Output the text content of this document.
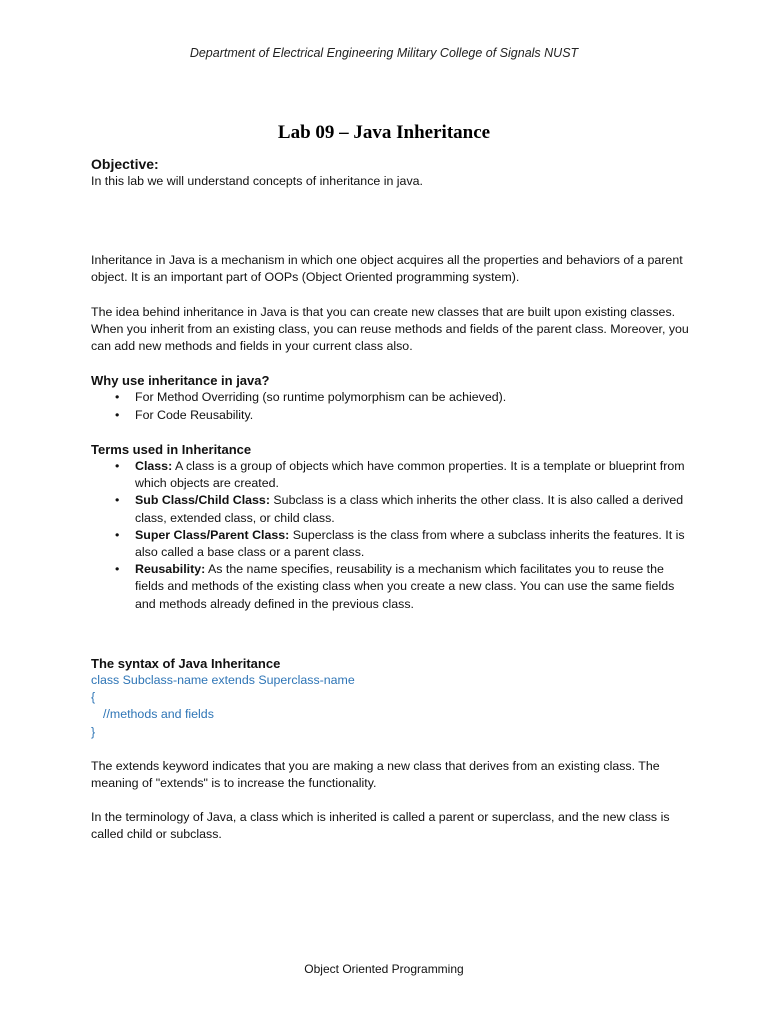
Department of Electrical Engineering Military College of Signals NUST
Lab 09 – Java Inheritance

Objective:

In this lab we will understand concepts of inheritance in java.

Inheritance in Java is a mechanism in which one object acquires all the properties and behaviors of a parent object. It is an important part of OOPs (Object Oriented programming system).

The idea behind inheritance in Java is that you can create new classes that are built upon existing classes. When you inherit from an existing class, you can reuse methods and fields of the parent class. Moreover, you can add new methods and fields in your current class also.

Why use inheritance in java?

• For Method Overriding (so runtime polymorphism can be achieved).
• For Code Reusability.

Terms used in Inheritance

• Class: A class is a group of objects which have common properties. It is a template or blueprint from which objects are created.
• Sub Class/Child Class: Subclass is a class which inherits the other class. It is also called a derived class, extended class, or child class.
• Super Class/Parent Class: Superclass is the class from where a subclass inherits the features. It is also called a base class or a parent class.
• Reusability: As the name specifies, reusability is a mechanism which facilitates you to reuse the fields and methods of the existing class when you create a new class. You can use the same fields and methods already defined in the previous class.

The syntax of Java Inheritance

class Subclass-name extends Superclass-name
{
//methods and fields
}

The extends keyword indicates that you are making a new class that derives from an existing class. The meaning of "extends" is to increase the functionality.

In the terminology of Java, a class which is inherited is called a parent or superclass, and the new class is called child or subclass.

Object Oriented Programming
